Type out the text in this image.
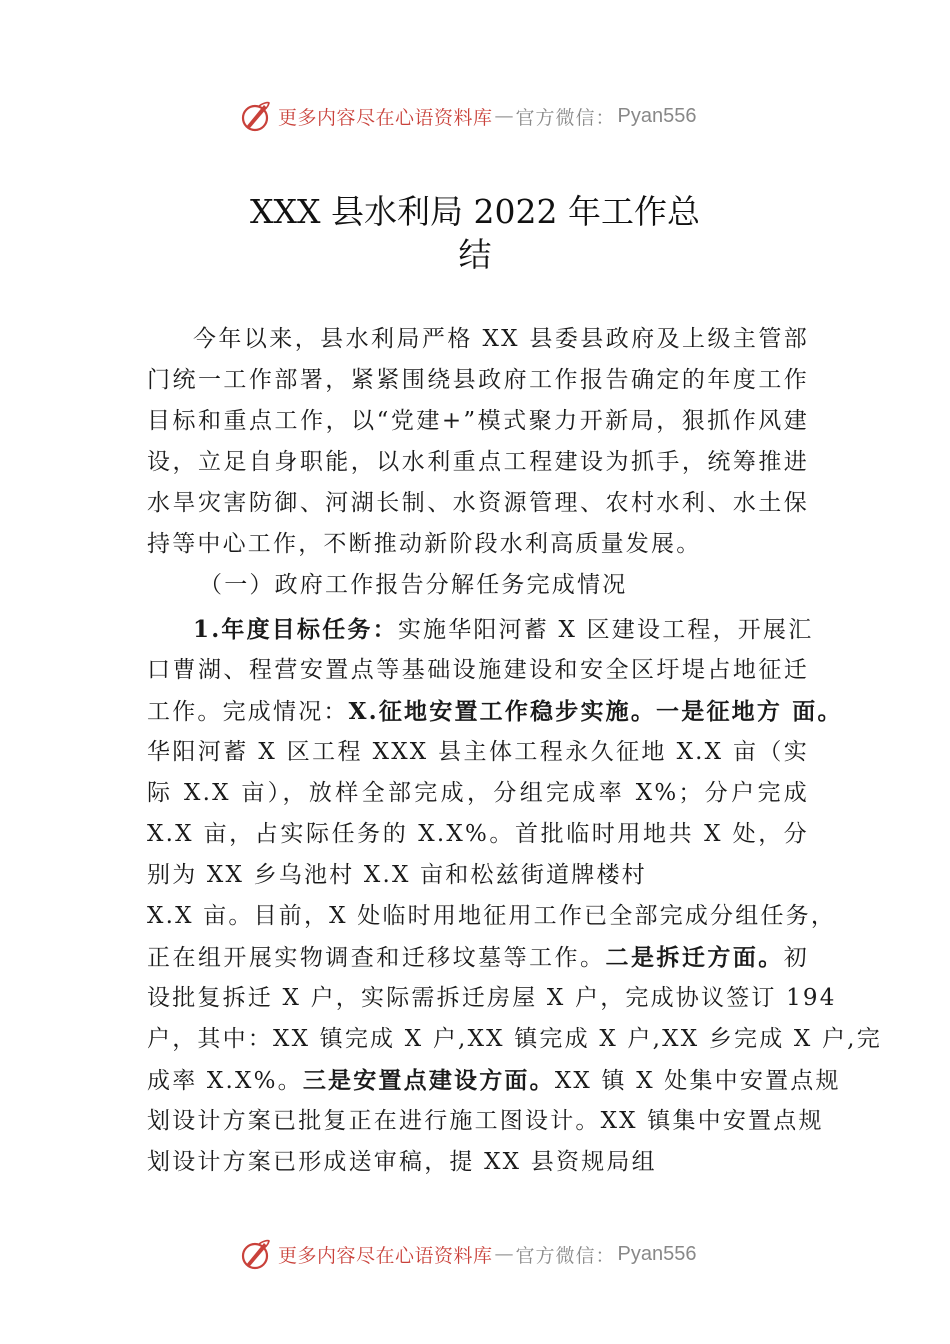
更多内容尽在心语资料库 — 官方微信： Pyan556
XXX 县水利局 2022 年工作总
结
今年以来，县水利局严格 XX 县委县政府及上级主管部
门统一工作部署，紧紧围绕县政府工作报告确定的年度工作
目标和重点工作，以“党建+”模式聚力开新局，狠抓作风建
设，立足自身职能，以水利重点工程建设为抓手，统筹推进
水旱灾害防御、河湖长制、水资源管理、农村水利、水土保
持等中心工作，不断推动新阶段水利高质量发展。
（一）政府工作报告分解任务完成情况
1.年度目标任务：实施华阳河蓄 X 区建设工程，开展汇
口曹湖、程营安置点等基础设施建设和安全区圩堤占地征迁
工作。完成情况：X.征地安置工作稳步实施。一是征地方 面。
华阳河蓄 X 区工程 XXX 县主体工程永久征地 X.X 亩（实
际 X.X 亩），放样全部完成，分组完成率 X%；分户完成
X.X 亩，占实际任务的 X.X%。首批临时用地共 X 处，分
别为 XX 乡乌池村 X.X 亩和松兹街道牌楼村
X.X 亩。目前，X 处临时用地征用工作已全部完成分组任务，
正在组开展实物调查和迁移坟墓等工作。二是拆迁方面。初
设批复拆迁 X 户，实际需拆迁房屋 X 户，完成协议签订 194
户，其中：XX 镇完成 X 户,XX 镇完成 X 户,XX 乡完成 X 户,完
成率 X.X%。三是安置点建设方面。XX 镇 X 处集中安置点规
划设计方案已批复正在进行施工图设计。XX 镇集中安置点规
划设计方案已形成送审稿，提 XX 县资规局组
更多内容尽在心语资料库 — 官方微信： Pyan556
